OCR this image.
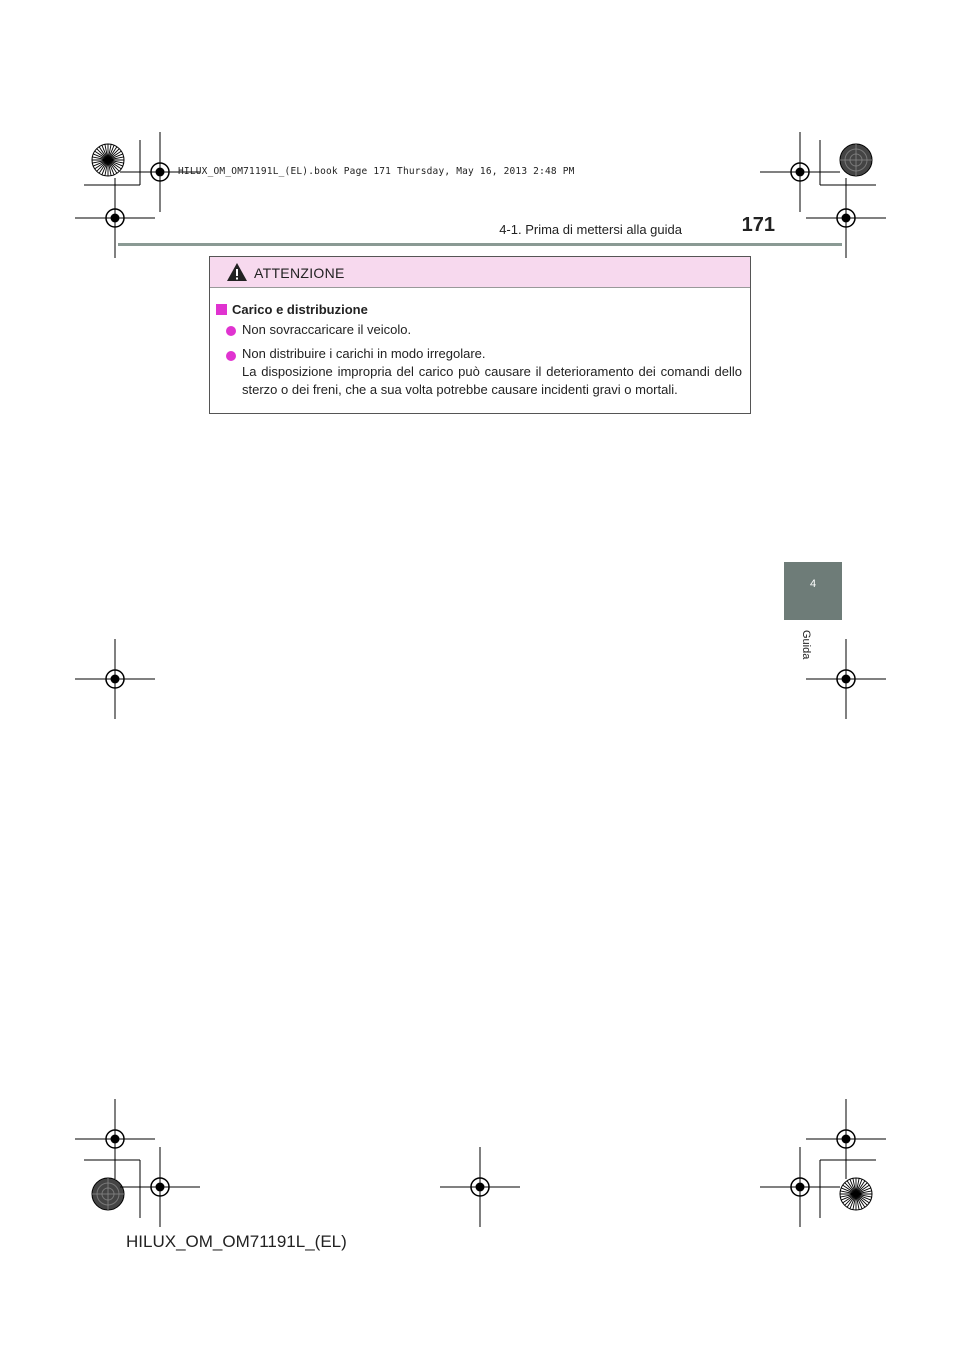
HILUX_OM_OM71191L_(EL).book Page 171 Thursday, May 16, 2013 2:48 PM
4-1. Prima di mettersi alla guida	171
4
Guida
ATTENZIONE
Carico e distribuzione
Non sovraccaricare il veicolo.
Non distribuire i carichi in modo irregolare.
La disposizione impropria del carico può causare il deterioramento dei comandi dello sterzo o dei freni, che a sua volta potrebbe causare incidenti gravi o mortali.
HILUX_OM_OM71191L_(EL)
